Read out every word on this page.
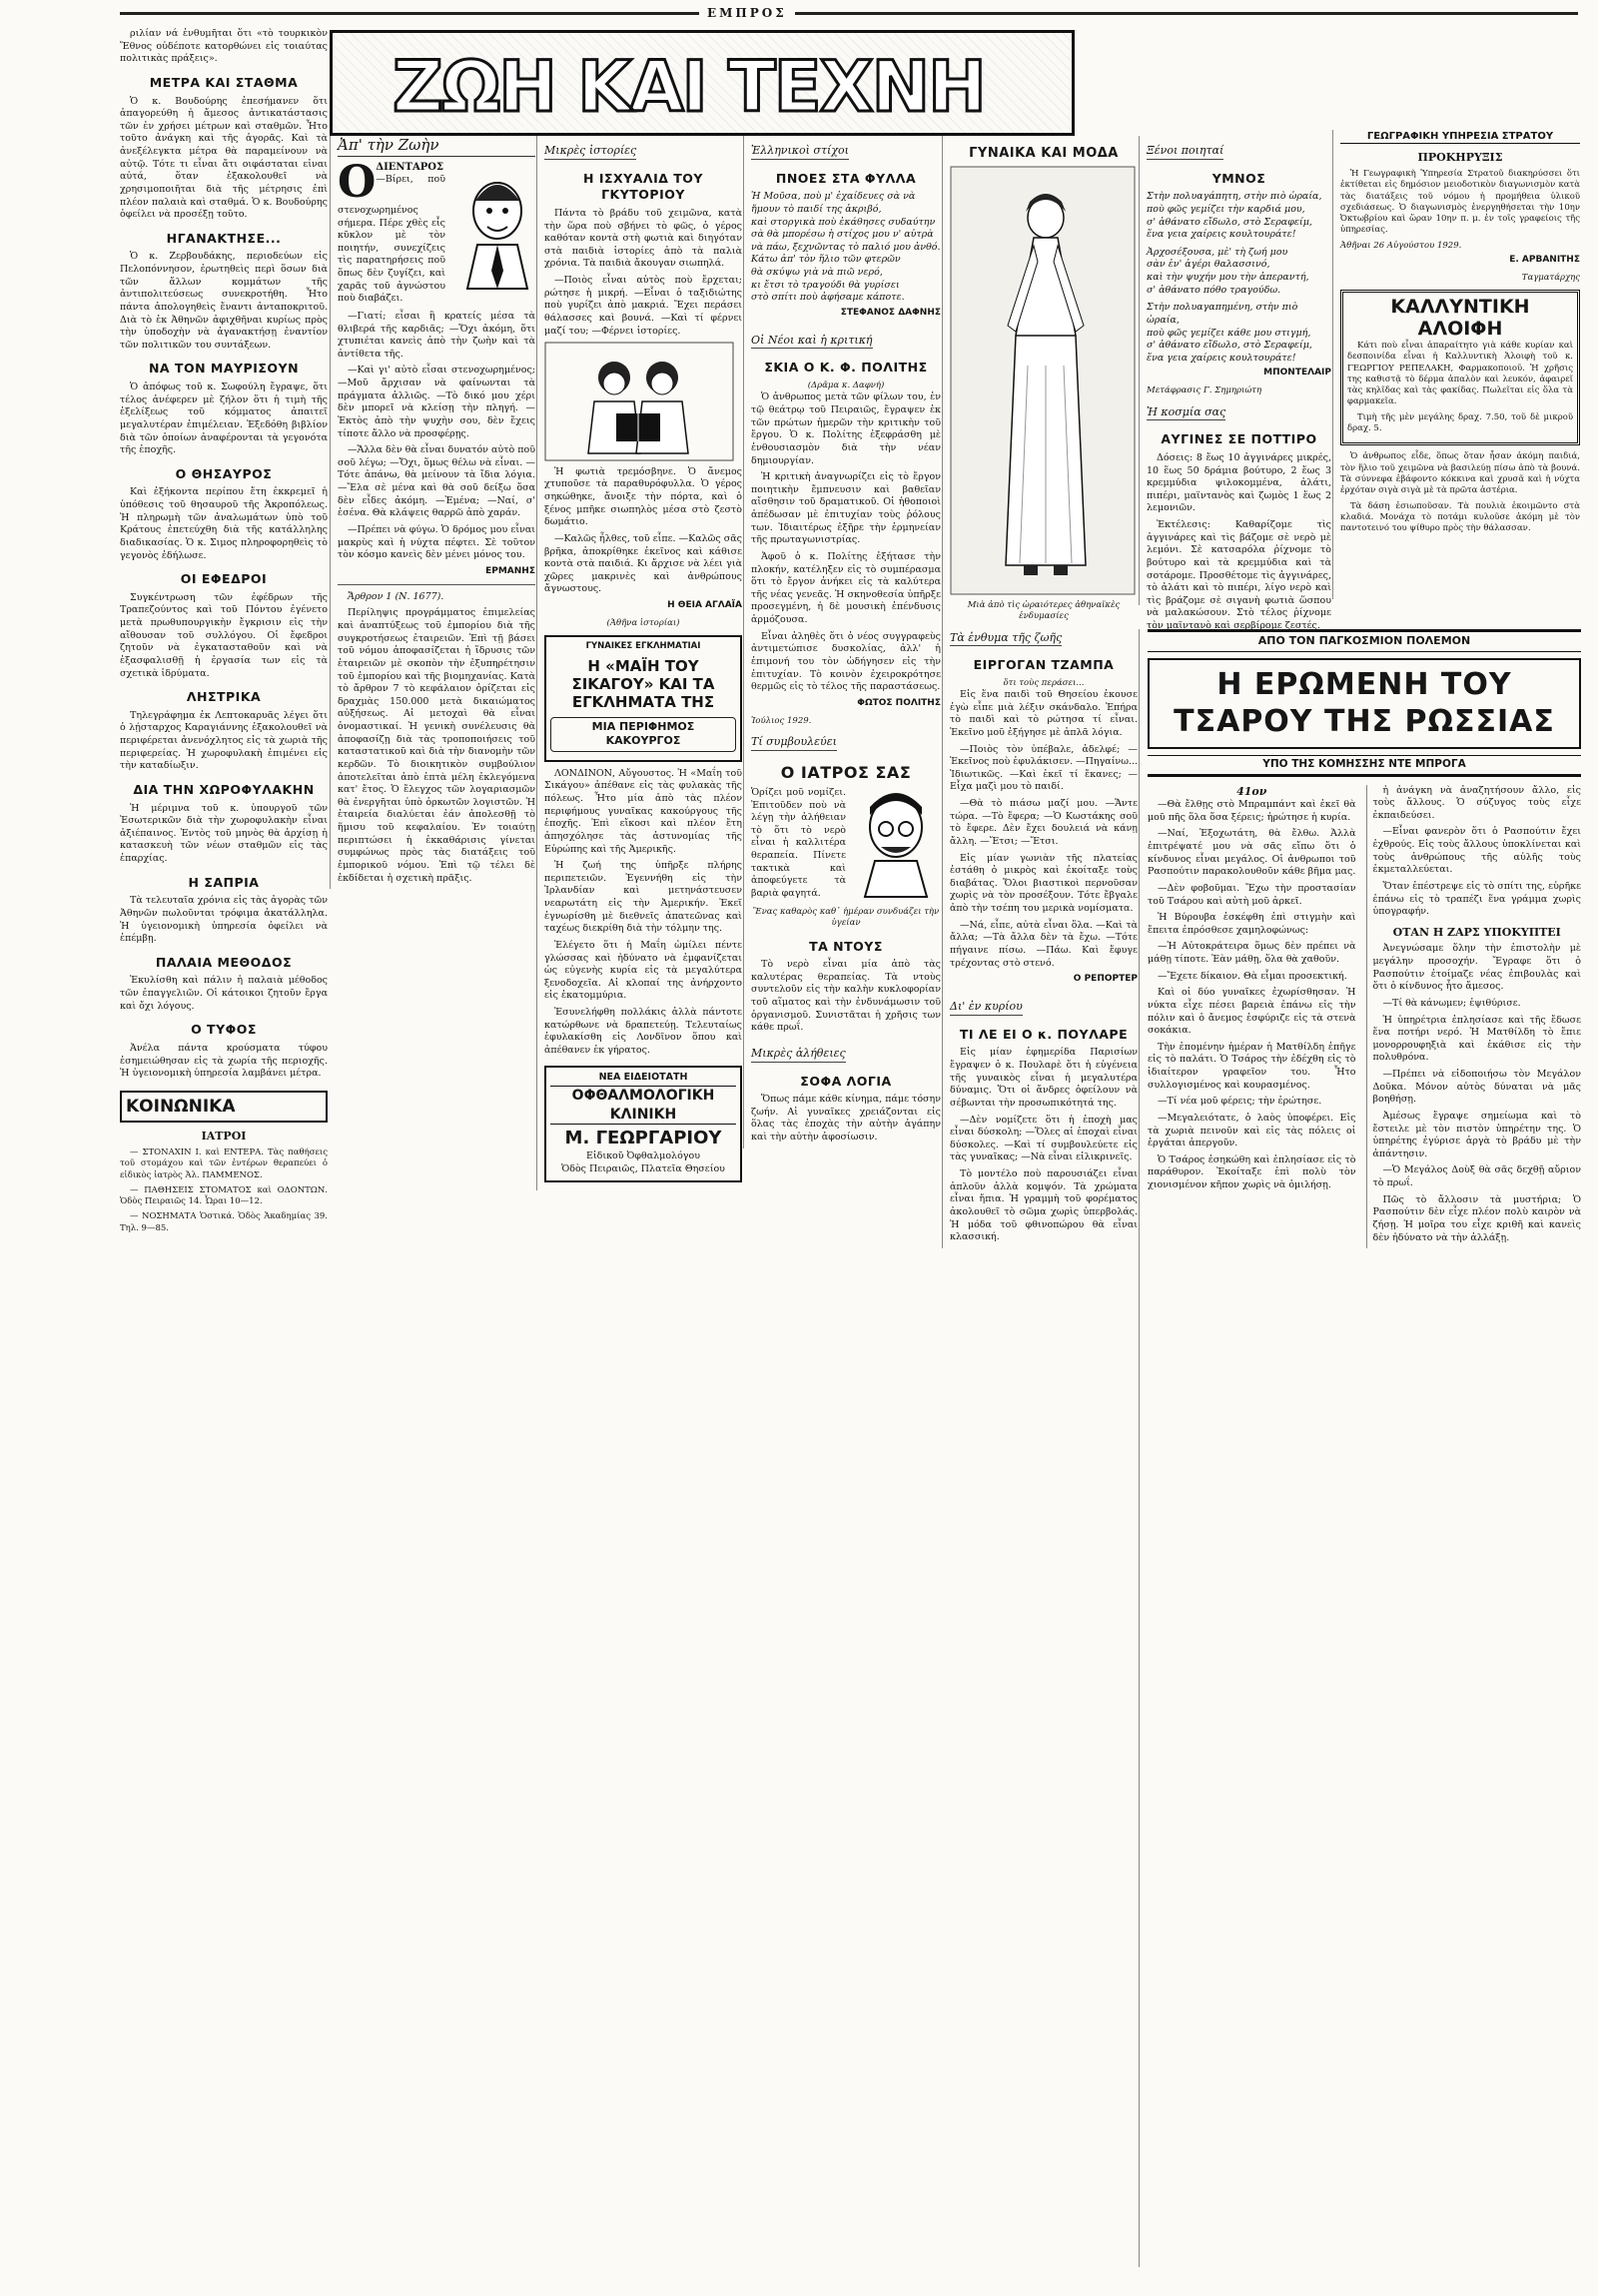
ΕΜΠΡΟΣ

ριλίαν νά ἐνθυμῆται ὅτι «τὸ τουρκικὸν Ἔθνος οὐδέποτε κατορθώνει εἰς τοιαύτας πολιτικὰς πράξεις».

ΜΕΤΡΑ ΚΑΙ ΣΤΑΘΜΑ

Ὁ κ. Βουδούρης ἐπεσήμανεν ὅτι ἀπαγορεύθη ἡ ἄμεσος ἀντικατάστασις τῶν ἐν χρήσει μέτρων καὶ σταθμῶν. Ἦτο τοῦτο ἀνάγκη καὶ τῆς ἀγορᾶς. Καὶ τὰ ἀνεξέλεγκτα μέτρα θὰ παραμείνουν νὰ αὐτῷ. Τότε τι εἶναι ἄτι οιφάσταται εἰναι αὐτά, ὅταν ἐξακολουθεῖ νὰ χρησιμοποιῆται διὰ τῆς μέτρησις ἐπὶ πλέον παλαιὰ καὶ σταθμά. Ὁ κ. Βουδούρης ὀφείλει νὰ προσέξῃ τοῦτο.

ΗΓΑΝΑΚΤΗΣΕ...

Ὁ κ. Ζερβουδάκης, περιοδεύων εἰς Πελοπόννησον, ἐρωτηθεὶς περὶ ὅσων διὰ τῶν ἄλλων κομμάτων τῆς ἀντιπολιτεύσεως συνεκροτήθη. Ἦτο πάντα ἀπολογηθεὶς ἔναντι ἀνταποκριτοῦ. Διὰ τὸ ἐκ Ἀθηνῶν ἀφιχθῆναι κυρίως πρὸς τὴν ὑποδοχὴν νὰ ἀγανακτήσῃ ἐναντίον τῶν πολιτικῶν του συντάξεων.

ΝΑ ΤΟΝ ΜΑΥΡΙΣΟΥΝ

Ὁ ἀπόφως τοῦ κ. Σωφούλη ἔγραψε, ὅτι τέλος ἀνέφερεν μὲ ζήλον ὅτι ἡ τιμὴ τῆς ἐξελίξεως τοῦ κόμματος ἀπαιτεῖ μεγαλυτέραν ἐπιμέλειαν. Ἐξεδόθη βιβλίον διὰ τῶν ὁποίων ἀναφέρονται τὰ γεγονότα τῆς ἐποχῆς.

Ο ΘΗΣΑΥΡΟΣ

Καὶ ἐξήκοντα περίπου ἔτη ἐκκρεμεῖ ἡ ὑπόθεσις τοῦ θησαυροῦ τῆς Ἀκροπόλεως. Ἡ πληρωμὴ τῶν ἀναλωμάτων ὑπὸ τοῦ Κράτους ἐπετεύχθη διὰ τῆς κατάλληλης διαδικασίας. Ὁ κ. Σιμος πληροφορηθεὶς τὸ γεγονὸς ἐδήλωσε.

ΟΙ ΕΦΕΔΡΟΙ

Συγκέντρωση τῶν ἐφέδρων τῆς Τραπεζούντος καὶ τοῦ Πόντου ἐγένετο μετὰ πρωθυπουργικὴν ἔγκρισιν εἰς τὴν αἴθουσαν τοῦ συλλόγου. Οἱ ἔφεδροι ζητοῦν νὰ ἐγκατασταθοῦν καὶ νὰ ἐξασφαλισθῇ ἡ ἐργασία των εἰς τὰ σχετικὰ ἱδρύματα.

ΛΗΣΤΡΙΚΑ

Τηλεγράφημα ἐκ Λεπτοκαρυᾶς λέγει ὅτι ὁ λῄσταρχος Καραγιάννης ἐξακολουθεῖ νὰ περιφέρεται ἀνενόχλητος εἰς τὰ χωριὰ τῆς περιφερείας. Ἡ χωροφυλακὴ ἐπιμένει εἰς τὴν καταδίωξιν.

ΔΙΑ ΤΗΝ ΧΩΡΟΦΥΛΑΚΗΝ

Ἡ μέριμνα τοῦ κ. ὑπουργοῦ τῶν Ἐσωτερικῶν διὰ τὴν χωροφυλακὴν εἶναι ἀξιέπαινος. Ἐντὸς τοῦ μηνὸς θὰ ἀρχίσῃ ἡ κατασκευὴ τῶν νέων σταθμῶν εἰς τὰς ἐπαρχίας.

Η ΣΑΠΡΙΑ

Τὰ τελευταῖα χρόνια εἰς τὰς ἀγορὰς τῶν Ἀθηνῶν πωλοῦνται τρόφιμα ἀκατάλληλα. Ἡ ὑγειονομικὴ ὑπηρεσία ὀφείλει νὰ ἐπέμβῃ.

ΠΑΛΑΙΑ ΜΕΘΟΔΟΣ

Ἐκυλίσθη καὶ πάλιν ἡ παλαιὰ μέθοδος τῶν ἐπαγγελιῶν. Οἱ κάτοικοι ζητοῦν ἔργα καὶ ὄχι λόγους.

Ο ΤΥΦΟΣ

Ἀνέλα πάντα κρούσματα τύφου ἐσημειώθησαν εἰς τὰ χωρία τῆς περιοχῆς. Ἡ ὑγειονομικὴ ὑπηρεσία λαμβάνει μέτρα.

ΚΟΙΝΩΝΙΚΑ
ΙΑΤΡΟΙ

— ΣΤΟΝΑΧΙΝ Ι. καὶ ΕΝΤΕΡΑ. Τὰς παθήσεις τοῦ στομάχου καὶ τῶν ἐντέρων θεραπεύει ὁ εἰδικὸς ἰατρὸς Ἀλ. ΠΑΜΜΕΝΟΣ.

— ΠΑΘΗΣΕΙΣ ΣΤΟΜΑΤΟΣ καὶ ΟΔΟΝΤΩΝ. Ὁδὸς Πειραιῶς 14. Ὧραι 10—12.

— ΝΟΣΗΜΑΤΑ Ὁστικά. Ὁδὸς Ἀκαδημίας 39. Τηλ. 9—85.

ΖΩΗ ΚΑΙ ΤΕΧΝΗ
Ἀπ' τὴν Ζωὴν
Ο ΔΙΕΝΤΑΡΟΣ

—Βίρει, ποῦ στενοχωρημένος σήμερα. Πέρε χθὲς εἶς κῦκλον μὲ τὸν ποιητήν, συνεχίζεις τὶς παρατηρήσεις ποῦ ὅπως δὲν ζυγίζει, καὶ χαρᾶς τοῦ ἀγνώστου ποὺ διαβάζει.

—Γιατί; εἶσαι ἢ κρατείς μέσα τὰ θλιβερά τῆς καρδιᾶς; —Ὅχι ἀκόμη, ὅτι χτυπιέται κανεὶς ἀπὸ τὴν ζωὴν καὶ τὰ ἀντίθετα τῆς.

—Καὶ γι' αὐτὸ εἶσαι στενοχωρημένος; —Μοῦ ἄρχισαν νὰ φαίνωνται τὰ πράγματα ἀλλιῶς. —Τὸ δικό μου χέρι δὲν μπορεῖ νὰ κλείσῃ τὴν πληγή. —Ἐκτὸς ἀπὸ τὴν ψυχὴν σου, δὲν ἔχεις τίποτε ἄλλο νὰ προσφέρῃς.

—Ἄλλα δὲν θὰ εἶναι δυνατόν αὐτὸ ποῦ σοῦ λέγω; —Ὄχι, ὅμως θέλω νὰ εἶναι. —Τότε ἀπάνω, θὰ μείνουν τὰ ἴδια λόγια. —Ἔλα σὲ μένα καὶ θὰ σοῦ δείξω ὅσα δὲν εἶδες ἀκόμη. —Ἐμένα; —Ναί, σ' ἐσένα. Θὰ κλάψεις θαρρῶ ἀπὸ χαράν.

—Πρέπει νὰ φύγω. Ὁ δρόμος μου εἶναι μακρὺς καὶ ἡ νύχτα πέφτει. Σὲ τοῦτον τὸν κόσμο κανεὶς δὲν μένει μόνος του.

ΕΡΜΑΝΗΣ

Ἄρθρον 1 (Ν. 1677).

Περίληψις προγράμματος ἐπιμελείας καὶ ἀναπτύξεως τοῦ ἐμπορίου διὰ τῆς συγκροτήσεως ἑταιρειῶν. Ἐπὶ τῇ βάσει τοῦ νόμου ἀποφασίζεται ἡ ἵδρυσις τῶν ἑταιρειῶν μὲ σκοπὸν τὴν ἐξυπηρέτησιν τοῦ ἐμπορίου καὶ τῆς βιομηχανίας. Κατὰ τὸ ἄρθρον 7 τὸ κεφάλαιον ὁρίζεται εἰς δραχμὰς 150.000 μετὰ δικαιώματος αὐξήσεως. Αἱ μετοχαὶ θὰ εἶναι ὀνομαστικαί. Ἡ γενικὴ συνέλευσις θὰ ἀποφασίζῃ διὰ τὰς τροποποιήσεις τοῦ καταστατικοῦ καὶ διὰ τὴν διανομὴν τῶν κερδῶν. Τὸ διοικητικὸν συμβούλιον ἀποτελεῖται ἀπὸ ἑπτὰ μέλη ἐκλεγόμενα κατ' ἔτος. Ὁ ἔλεγχος τῶν λογαριασμῶν θὰ ἐνεργῆται ὑπὸ ὁρκωτῶν λογιστῶν. Ἡ ἑταιρεία διαλύεται ἐάν ἀπολεσθῇ τὸ ἥμισυ τοῦ κεφαλαίου. Ἐν τοιαύτῃ περιπτώσει ἡ ἐκκαθάρισις γίνεται συμφώνως πρὸς τὰς διατάξεις τοῦ ἐμπορικοῦ νόμου. Ἐπὶ τῷ τέλει δὲ ἐκδίδεται ἡ σχετικὴ πρᾶξις.

Μικρὲς ἱστορίες
Η ΙΣΧΥΑΛΙΔ ΤΟΥ ΓΚΥΤΟΡΙΟΥ

Πάντα τὸ βράδυ τοῦ χειμῶνα, κατὰ τὴν ὥρα ποὺ σβήνει τὸ φῶς, ὁ γέρος καθόταν κοντὰ στὴ φωτιὰ καὶ διηγόταν στὰ παιδιὰ ἱστορίες ἀπὸ τὰ παλιὰ χρόνια. Τὰ παιδιὰ ἄκουγαν σιωπηλά.

—Ποιὸς εἶναι αὐτὸς ποὺ ἔρχεται; ρώτησε ἡ μικρή. —Εἶναι ὁ ταξιδιώτης ποὺ γυρίζει ἀπὸ μακριά. Ἔχει περάσει θάλασσες καὶ βουνά. —Καὶ τί φέρνει μαζί του; —Φέρνει ἱστορίες.

Ἡ φωτιὰ τρεμόσβηνε. Ὁ ἄνεμος χτυποῦσε τὰ παραθυρόφυλλα. Ὁ γέρος σηκώθηκε, ἄνοιξε τὴν πόρτα, καὶ ὁ ξένος μπῆκε σιωπηλὸς μέσα στὸ ζεστὸ δωμάτιο.

—Καλῶς ἦλθες, τοῦ εἶπε. —Καλῶς σᾶς βρῆκα, ἀποκρίθηκε ἐκεῖνος καὶ κάθισε κοντὰ στὰ παιδιά. Κι ἄρχισε νὰ λέει γιὰ χῶρες μακρινὲς καὶ ἀνθρώπους ἄγνωστους.

Η ΘΕΙΑ ΑΓΛΑΪΑ
(Ἀθῆνα ἱστορίαι)
ΓΥΝΑΙΚΕΣ ΕΓΚΛΗΜΑΤΙΑΙ
Η «ΜΑΪΗ ΤΟΥ ΣΙΚΑΓΟΥ» ΚΑΙ ΤΑ ΕΓΚΛΗΜΑΤΑ ΤΗΣ
ΜΙΑ ΠΕΡΙΦΗΜΟΣ ΚΑΚΟΥΡΓΟΣ

ΛΟΝΔΙΝΟΝ, Αὔγουστος. Ἡ «Μαΐη τοῦ Σικάγου» ἀπέθανε εἰς τὰς φυλακὰς τῆς πόλεως. Ἦτο μία ἀπὸ τὰς πλέον περιφήμους γυναῖκας κακούργους τῆς ἐποχῆς. Ἐπὶ εἴκοσι καὶ πλέον ἔτη ἀπησχόλησε τὰς ἀστυνομίας τῆς Εὐρώπης καὶ τῆς Ἀμερικῆς.

Ἡ ζωή της ὑπῆρξε πλήρης περιπετειῶν. Ἐγεννήθη εἰς τὴν Ἰρλανδίαν καὶ μετηνάστευσεν νεαρωτάτη εἰς τὴν Ἀμερικήν. Ἐκεῖ ἐγνωρίσθη μὲ διεθνεῖς ἀπατεῶνας καὶ ταχέως διεκρίθη διὰ τὴν τόλμην της.

Ἐλέγετο ὅτι ἡ Μαΐη ὡμίλει πέντε γλώσσας καὶ ἠδύνατο νὰ ἐμφανίζεται ὡς εὐγενὴς κυρία εἰς τὰ μεγαλύτερα ξενοδοχεῖα. Αἱ κλοπαί της ἀνήρχοντο εἰς ἑκατομμύρια.

Ἐσυνελήφθη πολλάκις ἀλλὰ πάντοτε κατώρθωνε νὰ δραπετεύῃ. Τελευταίως ἐφυλακίσθη εἰς Λονδῖνον ὅπου καὶ ἀπέθανεν ἐκ γήρατος.

ΝΕΑ ΕΙΔΕΙΟΤΑΤΗ
ΟΦΘΑΛΜΟΛΟΓΙΚΗ ΚΛΙΝΙΚΗ
Μ. ΓΕΩΡΓΑΡΙΟΥ
Εἰδικοῦ Ὀφθαλμολόγου
Ὁδὸς Πειραιῶς, Πλατεῖα Θησείου
Ἑλληνικοὶ στίχοι
ΠΝΟΕΣ ΣΤΑ ΦΥΛΛΑ
Ἡ Μοῦσα, ποὺ μ' ἐχαίδευες σὰ νὰ
ἤμουν τὸ παιδί της ἀκριβό,
καὶ στοργικὰ ποὺ ἐκάθησες συδαύτην
σὰ θὰ μπορέσω ἡ στίχος μου ν' αὐτρὰ
νὰ πάω, ξεχνῶντας τὸ παλιό μου ἀνθό.
Κάτω ἀπ' τὸν ἥλιο τῶν φτερῶν
θὰ σκύψω γιὰ νὰ πιῶ νερό,
κι ἔτσι τὸ τραγούδι θὰ γυρίσει
στὸ σπίτι ποὺ ἀφήσαμε κάποτε.
ΣΤΕΦΑΝΟΣ ΔΑΦΝΗΣ
Οἱ Νέοι καὶ ἡ κριτική
ΣΚΙΑ Ο Κ. Φ. ΠΟΛΙΤΗΣ
(Δρᾶμα κ. Δαφνή)

Ὁ ἀνθρωπος μετὰ τῶν φίλων του, ἐν τῷ θεάτρῳ τοῦ Πειραιῶς, ἔγραψεν ἐκ τῶν πρώτων ἡμερῶν τὴν κριτικὴν τοῦ ἔργου. Ὁ κ. Πολίτης ἐξεφράσθη μὲ ἐνθουσιασμὸν διὰ τὴν νέαν δημιουργίαν.

Ἡ κριτικὴ ἀναγνωρίζει εἰς τὸ ἔργον ποιητικὴν ἔμπνευσιν καὶ βαθεῖαν αἴσθησιν τοῦ δραματικοῦ. Οἱ ἠθοποιοὶ ἀπέδωσαν μὲ ἐπιτυχίαν τοὺς ῥόλους των. Ἰδιαιτέρως ἐξῆρε τὴν ἑρμηνείαν τῆς πρωταγωνιστρίας.

Ἀφοῦ ὁ κ. Πολίτης ἐξήτασε τὴν πλοκήν, κατέληξεν εἰς τὸ συμπέρασμα ὅτι τὸ ἔργον ἀνήκει εἰς τὰ καλύτερα τῆς νέας γενεᾶς. Ἡ σκηνοθεσία ὑπῆρξε προσεγμένη, ἡ δὲ μουσικὴ ἐπένδυσις ἁρμόζουσα.

Εἶναι ἀληθὲς ὅτι ὁ νέος συγγραφεὺς ἀντιμετώπισε δυσκολίας, ἀλλ' ἡ ἐπιμονή του τὸν ὡδήγησεν εἰς τὴν ἐπιτυχίαν. Τὸ κοινὸν ἐχειροκρότησε θερμῶς εἰς τὸ τέλος τῆς παραστάσεως.

ΦΩΤΟΣ ΠΟΛΙΤΗΣ
Ἰούλιος 1929.
Τί συμβουλεύει
Ο ΙΑΤΡΟΣ ΣΑΣ

Ὁρίζει μοῦ νομίζει. Ἐπιτοῦδεν ποὺ νὰ λέγῃ τὴν ἀλήθειαν τὸ ὅτι τὸ νερὸ εἶναι ἡ καλλιτέρα θεραπεία. Πίνετε τακτικὰ καὶ ἀποφεύγετε τὰ βαριὰ φαγητά.

Ἕνας καθαρὸς καθ᾽ ἡμέραν συνδυάζει τὴν ὑγείαν
ΤΑ ΝΤΟΥΣ

Τὸ νερὸ εἶναι μία ἀπὸ τὰς καλυτέρας θεραπείας. Τὰ ντοὺς συντελοῦν εἰς τὴν καλὴν κυκλοφορίαν τοῦ αἵματος καὶ τὴν ἐνδυνάμωσιν τοῦ ὀργανισμοῦ. Συνιστᾶται ἡ χρῆσις των κάθε πρωΐ.

Μικρὲς ἀλήθειες
ΣΟΦΑ ΛΟΓΙΑ

Ὅπως πάμε κάθε κίνημα, πάμε τόσην ζωήν. Αἱ γυναῖκες χρειάζονται εἰς ὅλας τὰς ἐποχὰς τὴν αὐτὴν ἀγάπην καὶ τὴν αὐτὴν ἀφοσίωσιν.

ΓΥΝΑΙΚΑ ΚΑΙ ΜΟΔΑ
Μιὰ ἀπὸ τὶς ὡραιότερες ἀθηναϊκὲς ἐνδυμασίες
Τὰ ἐνθυμα τῆς ζωῆς
ΕΙΡΓΟΓΑΝ ΤΖΑΜΠΑ
ὅτι τοὺς περάσει...

Εἰς ἕνα παιδὶ τοῦ Θησείου ἐκουσε ἐγὼ εἶπε μιὰ λέξιν σκάνδαλο. Ἐπήρα τὸ παιδὶ καὶ τὸ ρώτησα τί εἶναι. Ἐκεῖνο μοῦ ἐξήγησε μὲ ἀπλᾶ λόγια.

—Ποιὸς τὸν ὑπέβαλε, ἀδελφέ; —Ἐκεῖνος ποὺ ἐφυλάκισεν. —Πηγαίνω... Ἰδιωτικῶς. —Καὶ ἐκεῖ τί ἔκανες; —Εἶχα μαζὶ μου τὸ παιδί.

—Θὰ τὸ πιάσω μαζί μου. —Ἄντε τώρα. —Τὸ ἔφερα; —Ὁ Κωστάκης σοῦ τὸ ἔφερε. Δὲν ἔχει δουλειά νὰ κάνῃ ἄλλη. —Ἔτσι; —Ἔτσι.

Εἰς μίαν γωνιὰν τῆς πλατείας ἐστάθη ὁ μικρὸς καὶ ἐκοίταξε τοὺς διαβάτας. Ὅλοι βιαστικοὶ περνοῦσαν χωρὶς νὰ τὸν προσέξουν. Τότε ἔβγαλε ἀπὸ τὴν τσέπη του μερικὰ νομίσματα.

—Νά, εἶπε, αὐτὰ εἶναι ὅλα. —Καὶ τὰ ἄλλα; —Τὰ ἄλλα δὲν τὰ ἔχω. —Τότε πήγαινε πίσω. —Πάω. Καὶ ἔφυγε τρέχοντας στὸ στενό.

Ο ΡΕΠΟΡΤΕΡ
Δι' ἐν κυρίου
ΤΙ ΛΕ ΕΙ Ο κ. ΠΟΥΛΑΡΕ

Εἰς μίαν ἐφημερίδα Παρισίων ἔγραψεν ὁ κ. Πουλαρὲ ὅτι ἡ εὐγένεια τῆς γυναικὸς εἶναι ἡ μεγαλυτέρα δύναμις. Ὅτι οἱ ἄνδρες ὀφείλουν νὰ σέβωνται τὴν προσωπικότητά της.

—Δὲν νομίζετε ὅτι ἡ ἐποχὴ μας εἶναι δύσκολη; —Ὅλες αἱ ἐποχαὶ εἶναι δύσκολες. —Καὶ τί συμβουλεύετε εἰς τὰς γυναῖκας; —Νὰ εἶναι εἰλικρινεῖς.

Τὸ μοντέλο ποὺ παρουσιάζει εἶναι ἁπλοῦν ἀλλὰ κομψόν. Τὰ χρώματα εἶναι ἤπια. Ἡ γραμμὴ τοῦ φορέματος ἀκολουθεῖ τὸ σῶμα χωρὶς ὑπερβολάς. Ἡ μόδα τοῦ φθινοπώρου θὰ εἶναι κλασσική.

Ξένοι ποιηταί
ΥΜΝΟΣ
Στὴν πολυαγάπητη, στὴν πιὸ ὡραία,
ποὺ φῶς γεμίζει τὴν καρδιά μου,
σ' ἀθάνατο εἴδωλο, στὸ Σεραφείμ,
ἕνα γεια χαίρεις κουλτουράτε!
Ἀρχοσέξουσα, μὲ' τὴ ζωή μου
σὰν ἐν' ἀγέρι θαλασσινό,
καὶ τὴν ψυχήν μου τὴν ἀπεραντή,
σ' ἀθάνατο πόθο τραγούδω.
Στὴν πολυαγαπημένη, στὴν πιὸ ὡραία,
ποὺ φῶς γεμίζει κάθε μου στιγμή,
σ' ἀθάνατο εἴδωλο, στὸ Σεραφείμ,
ἕνα γεια χαίρεις κουλτουράτε!
ΜΠΟΝΤΕΛΑΙΡ
Μετάφρασις Γ. Σημηριώτη
Ἡ κοσμία σας
ΑΥΓΙΝΕΣ ΣΕ ΠΟΤΤΙΡΟ

Δόσεις: 8 ἕως 10 ἀγγινάρες μικρές, 10 ἕως 50 δράμια βούτυρο, 2 ἕως 3 κρεμμύδια ψιλοκομμένα, ἀλάτι, πιπέρι, μαϊντανὸς καὶ ζωμὸς 1 ἕως 2 λεμονιῶν.

Ἐκτέλεσις: Καθαρίζομε τὶς ἀγγινάρες καὶ τὶς βάζομε σὲ νερὸ μὲ λεμόνι. Σὲ κατσαρόλα ῥίχνομε τὸ βούτυρο καὶ τὰ κρεμμύδια καὶ τὰ σοτάρομε. Προσθέτομε τὶς ἀγγινάρες, τὸ ἀλάτι καὶ τὸ πιπέρι, λίγο νερὸ καὶ τὶς βράζομε σὲ σιγανὴ φωτιὰ ὥσπου νὰ μαλακώσουν. Στὸ τέλος ῥίχνομε τὸν μαϊντανὸ καὶ σερβίρομε ζεστές.

ΓΕΩΓΡΑΦΙΚΗ ΥΠΗΡΕΣΙΑ ΣΤΡΑΤΟΥ
ΠΡΟΚΗΡΥΞΙΣ

Ἡ Γεωγραφικὴ Ὑπηρεσία Στρατοῦ διακηρύσσει ὅτι ἐκτίθεται εἰς δημόσιον μειοδοτικὸν διαγωνισμὸν κατὰ τὰς διατάξεις τοῦ νόμου ἡ προμήθεια ὑλικοῦ σχεδιάσεως. Ὁ διαγωνισμὸς ἐνεργηθήσεται τὴν 10ην Ὀκτωβρίου καὶ ὥραν 10ην π. μ. ἐν τοῖς γραφείοις τῆς ὑπηρεσίας.

Ἀθῆναι 26 Αὐγούστου 1929.
Ε. ΑΡΒΑΝΙΤΗΣ
Ταγματάρχης
ΚΑΛΛΥΝΤΙΚΗ ΑΛΟΙΦΗ

Κάτι ποὺ εἶναι ἀπαραίτητο γιὰ κάθε κυρίαν καὶ δεσποινίδα εἶναι ἡ Καλλυντικὴ Ἀλοιφὴ τοῦ κ. ΓΕΩΡΓΙΟΥ ΡΕΠΕΛΑΚΗ, Φαρμακοποιοῦ. Ἡ χρῆσις της καθιστᾷ τὸ δέρμα ἁπαλὸν καὶ λευκόν, ἀφαιρεῖ τὰς κηλῖδας καὶ τὰς φακίδας. Πωλεῖται εἰς ὅλα τὰ φαρμακεῖα.

Τιμὴ τῆς μὲν μεγάλης δραχ. 7.50, τοῦ δὲ μικροῦ δραχ. 5.

Ὁ ἀνθρωπος εἶδε, ὅπως ὅταν ἦσαν ἀκόμη παιδιά, τὸν ἥλιο τοῦ χειμῶνα νὰ βασιλεύῃ πίσω ἀπὸ τὰ βουνά. Τὰ σύννεφα ἐβάφοντο κόκκινα καὶ χρυσᾶ καὶ ἡ νύχτα ἐρχόταν σιγὰ σιγὰ μὲ τὰ πρῶτα ἀστέρια.

Τὰ δάση ἐσιωποῦσαν. Τὰ πουλιὰ ἐκοιμῶντο στὰ κλαδιά. Μονάχα τὸ ποτάμι κυλοῦσε ἀκόμη μὲ τὸν παντοτεινό του ψίθυρο πρὸς τὴν θάλασσαν.

ΑΠΟ ΤΟΝ ΠΑΓΚΟΣΜΙΟΝ ΠΟΛΕΜΟΝ
Η ΕΡΩΜΕΝΗ ΤΟΥ ΤΣΑΡΟΥ ΤΗΣ ΡΩΣΣΙΑΣ
ΥΠΟ ΤΗΣ ΚΟΜΗΣΣΗΣ ΝΤΕ ΜΠΡΟΓΑ
41ον

—Θὰ ἔλθῃς στὸ Μπραμπάντ καὶ ἐκεῖ θὰ μοῦ πῆς ὅλα ὅσα ξέρεις; ἡρώτησε ἡ κυρία.

—Ναί, Ἐξοχωτάτη, θὰ ἔλθω. Ἀλλὰ ἐπιτρέψατέ μου νὰ σᾶς εἴπω ὅτι ὁ κίνδυνος εἶναι μεγάλος. Οἱ ἀνθρωποι τοῦ Ρασπούτιν παρακολουθοῦν κάθε βῆμα μας.

—Δὲν φοβοῦμαι. Ἔχω τὴν προστασίαν τοῦ Τσάρου καὶ αὐτὴ μοῦ ἀρκεῖ.

Ἡ Βύρουβα ἐσκέφθη ἐπὶ στιγμὴν καὶ ἔπειτα ἐπρόσθεσε χαμηλοφώνως:

—Ἡ Αὐτοκράτειρα ὅμως δὲν πρέπει νὰ μάθῃ τίποτε. Ἐὰν μάθῃ, ὅλα θὰ χαθοῦν.

—Ἔχετε δίκαιον. Θὰ εἶμαι προσεκτική.

Καὶ οἱ δύο γυναῖκες ἐχωρίσθησαν. Ἡ νύκτα εἶχε πέσει βαρειὰ ἐπάνω εἰς τὴν πόλιν καὶ ὁ ἄνεμος ἐσφύριζε εἰς τὰ στενὰ σοκάκια.

Τὴν ἑπομένην ἡμέραν ἡ Ματθίλδη ἐπῆγε εἰς τὸ παλάτι. Ὁ Τσάρος τὴν ἐδέχθη εἰς τὸ ἰδιαίτερον γραφεῖον του. Ἦτο συλλογισμένος καὶ κουρασμένος.

—Τί νέα μοῦ φέρεις; τὴν ἐρώτησε.

—Μεγαλειότατε, ὁ λαὸς ὑποφέρει. Εἰς τὰ χωριὰ πεινοῦν καὶ εἰς τὰς πόλεις οἱ ἐργάται ἀπεργοῦν.

Ὁ Τσάρος ἐσηκώθη καὶ ἐπλησίασε εἰς τὸ παράθυρον. Ἐκοίταξε ἐπὶ πολὺ τὸν χιονισμένον κῆπον χωρὶς νὰ ὁμιλήσῃ.

ἡ ἀνάγκη νὰ ἀναζητήσουν ἄλλο, εἰς τοὺς ἄλλους. Ὁ σύζυγος τοὺς εἶχε ἐκπαιδεύσει.

—Εἶναι φανερὸν ὅτι ὁ Ρασπούτιν ἔχει ἐχθρούς. Εἰς τοὺς ἄλλους ὑποκλίνεται καὶ τοὺς ἀνθρώπους τῆς αὐλῆς τοὺς ἐκμεταλλεύεται.

Ὅταν ἐπέστρεψε εἰς τὸ σπίτι της, εὑρῆκε ἐπάνω εἰς τὸ τραπέζι ἕνα γράμμα χωρὶς ὑπογραφήν.

ΟΤΑΝ Η ΖΑΡΣ ΥΠΟΚΥΠΤΕΙ

Ἀνεγνώσαμε ὅλην τὴν ἐπιστολὴν μὲ μεγάλην προσοχήν. Ἔγραφε ὅτι ὁ Ρασπούτιν ἐτοίμαζε νέας ἐπιβουλὰς καὶ ὅτι ὁ κίνδυνος ἦτο ἄμεσος.

—Τί θὰ κάνωμεν; ἐψιθύρισε.

Ἡ ὑπηρέτρια ἐπλησίασε καὶ τῆς ἔδωσε ἕνα ποτήρι νερό. Ἡ Ματθίλδη τὸ ἔπιε μονορρουφηξιὰ καὶ ἐκάθισε εἰς τὴν πολυθρόνα.

—Πρέπει νὰ εἰδοποιήσω τὸν Μεγάλον Δοῦκα. Μόνον αὐτὸς δύναται νὰ μᾶς βοηθήσῃ.

Ἀμέσως ἔγραψε σημείωμα καὶ τὸ ἔστειλε μὲ τὸν πιστὸν ὑπηρέτην της. Ὁ ὑπηρέτης ἐγύρισε ἀργὰ τὸ βράδυ μὲ τὴν ἀπάντησιν.

—Ὁ Μεγάλος Δοὺξ θὰ σᾶς δεχθῇ αὔριον τὸ πρωΐ.

Πῶς τὸ ἄλλοσιν τὰ μυστήρια; Ὁ Ρασπούτιν δὲν εἶχε πλέον πολὺ καιρὸν νὰ ζήσῃ. Ἡ μοῖρα του εἶχε κριθῆ καὶ κανεὶς δὲν ἠδύνατο νὰ τὴν ἀλλάξῃ.
